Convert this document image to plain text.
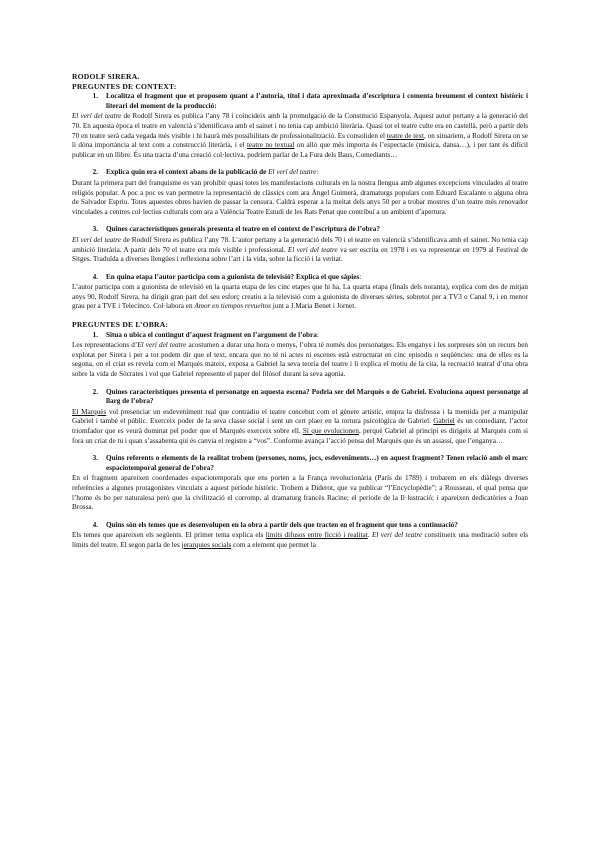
RODOLF SIRERA.
PREGUNTES DE CONTEXT:
1.	Localitza el fragment que et proposem quant a l’autoria, títol i data aproximada d’escriptura i comenta breument el context històric i literari del moment de la producció:

El verí del teatre de Rodolf Sirera es publica l’any 78 i coincideix amb la promulgació de la Constitució Espanyola. Aquest autor pertany a la generació del 70. En aquesta època el teatre en valencià s’identificava amb el sainet i no tenia cap ambició literària. Quasi tot el teatre culte era en castellà, però a partir dels 70 en teatre serà cada vegada més visible i hi haurà més possibilitats de professionalització. Es consoliden el teatre de text, on situaríem, a Rodolf Sirera on se li dóna importància al text com a construcció literària, i el teatre no textual on allò que més importa és l’espectacle (música, dansa…), i per tant és difícil publicar en un llibre. És una tracta d’una creació col·lectiva, podríem parlar de La Fura dels Baus, Comediants…

2.	Explica quin era el context abans de la publicació de El verí del teatre:

Durant la primera part del franquisme es van prohibir quasi totes les manifestacions culturals en la nostra llengua amb algunes excepcions vinculades al teatre religiós popular. A poc a poc es van permetre la representació de clàssics com ara Àngel Guimerà, dramaturgs populars com Eduard Escalante o alguna obra de Salvador Espriu. Totes aquestes obres havien de passar la censura. Caldrà esperar a la meitat dels anys 50 per a trobar mostres d’un teatre més renovador vinculades a centres col·lectius culturals com ara a València Teatre Estudi de les Rats Penat que contribuí a un ambient d’apertura.

3.	Quines característiques generals presenta el teatre en el context de l’escriptura de l’obra?

El verí del teatre de Rodolf Sirera es publica l’any 78. L’autor pertany a la generació dels 70 i el teatre en valencià s’identificava amb el sainet. No tenia cap ambició literària. A partir dels 70 el teatre era més visible i professional. El verí del teatre va ser escrita en 1978 i es va representar en 1979 al Festival de Sitges. Traduïda a diverses llengües i reflexiona sobre l’art i la vida, sobre la ficció i la veritat.

4.	En quina etapa l’autor participa com a guionista de televisió? Explica el que sàpies:

L’autor participa com a guionista de televisió en la quarta etapa de les cinc etapes que hi ha. La quarta etapa (finals dels noranta), explica com des de mitjan anys 90, Rodolf Sirera, ha dirigit gran part del seu esforç creatiu a la televisió com a guionista de diverses sèries, sobretot per a TV3 o Canal 9, i en menor grau per a TVE i Telecinco. Col·labora en Amor en tiempos revueltos junt a J.Maria Benet i Jornet.

PREGUNTES DE L’OBRA:
1.	Situa o ubica el contingut d’aquest fragment en l’argument de l’obra:

Les representacions d’El verí del teatre acostumen a durar una hora o menys, l’obra té només dos personatges. Els enganys i les sorpreses són un recurs ben explotat per Sirera i per a tot podem dir que el text, encara que no té ni actes ni escenes està estructurat en cinc episodis o seqüències: una de elles es la segona, on el criat es revela com el Marquès mateix, exposa a Gabriel la seva teoria del teatre i li explica el motiu de la cita, la recreació teatral d’una obra sobre la vida de Sòcrates i vol que Gabriel represente el paper del filòsof durant la seva agonia.

2.	Quines característiques presenta el personatge en aquesta escena? Podria ser del Marquès o de Gabriel. Evoluciona aquest personatge al llarg de l’obra?

El Marquès vol presenciar un esdeveniment real que contradiu el teatre concebut com el gènere artístic, empra la disfressa i la mentida per a manipular Gabriel i també el públic. Exerceix poder de la seva classe social i sent un cert plaer en la tortura psicològica de Gabriel. Gabriel és un comediant, l’actor triomfador que es veurà dominat pel poder que el Marquès exerceix sobre ell. Sí que evolucionen, perquè Gabriel al principi es dirigeix al Marquès com si fora un criat de tu i quan s’assabenta qui és canvia el registre a “vos”. Conforme avança l’acció pensa del Marquès que és un assassí, que l’enganya…

3.	Quins referents o elements de la realitat trobem (persones, noms, jocs, esdeveniments…) en aquest fragment? Tenen relació amb el marc espaciotemporal general de l’obra?

En el fragment apareixen coordenades espaciotemporals que ens porten a la França revolucionària (París de 1789) i trobarem en els diàlegs diverses referències a algunes protagonistes vinculats a aquest període històric. Trobem a Diderot, que va publicar “l’Encyclopèdie”; a Rousseau, el qual pensa que l’home és bo per naturalesa però que la civilització el corromp, al dramaturg francès Racine; el període de la Il·lustració; i apareixen dedicatòries a Joan Brossa.

4.	Quins són els temes que es desenvolupen en la obra a partir dels que tracten en el fragment que tens a continuació?

Els temes que apareixen els següents. El primer tema explica els límits difusos entre ficció i realitat. El verí del teatre constitueix una meditació sobre els límits del teatre. El segon parla de les jerarquies socials com a element que permet la
